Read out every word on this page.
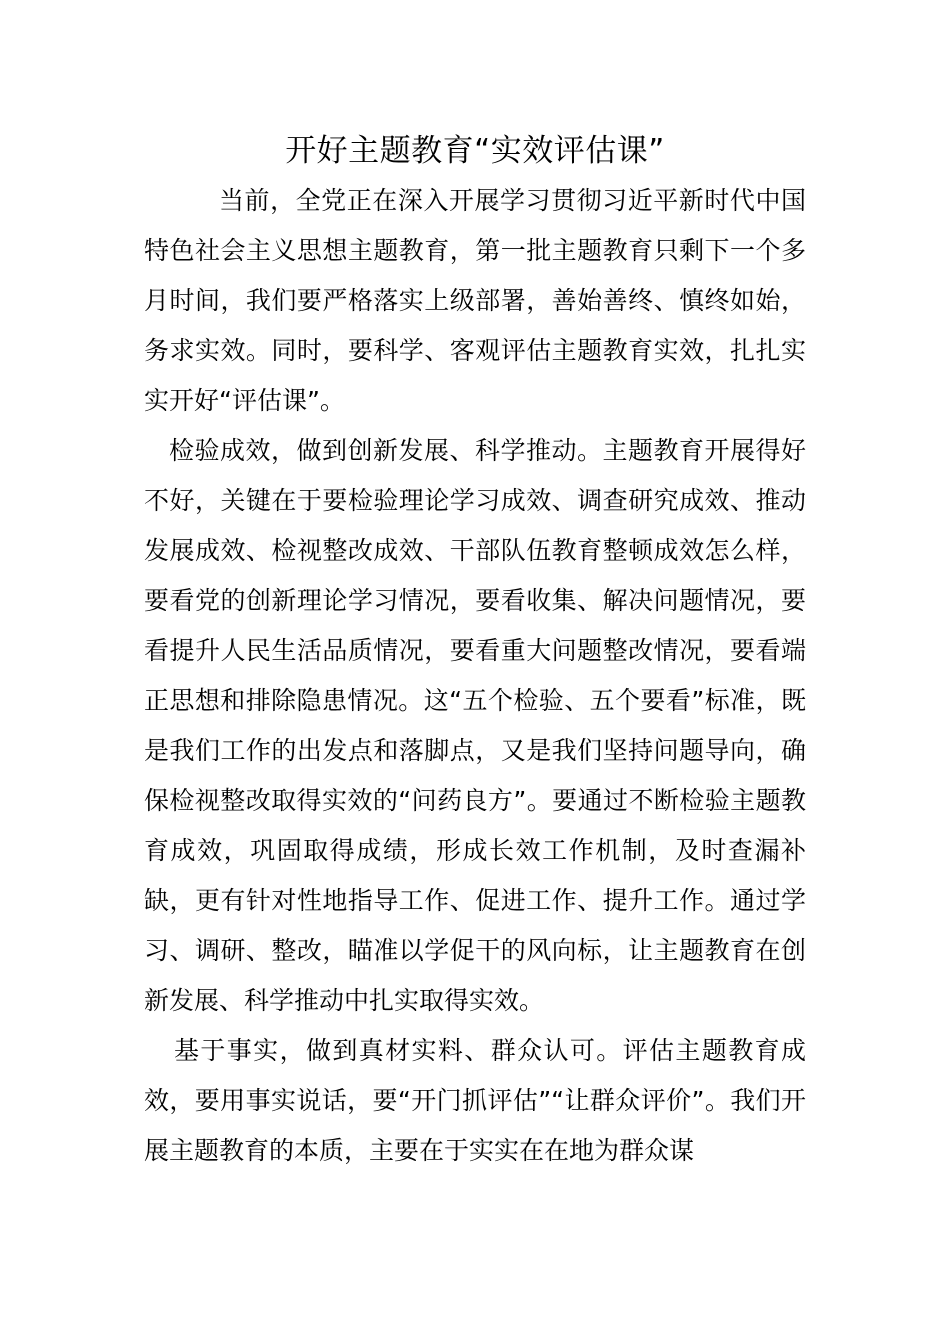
开好主题教育“实效评估课”

当前，全党正在深入开展学习贯彻习近平新时代中国特色社会主义思想主题教育，第一批主题教育只剩下一个多月时间，我们要严格落实上级部署，善始善终、慎终如始，务求实效。同时，要科学、客观评估主题教育实效，扎扎实实开好“评估课”。

检验成效，做到创新发展、科学推动。主题教育开展得好不好，关键在于要检验理论学习成效、调查研究成效、推动发展成效、检视整改成效、干部队伍教育整顿成效怎么样，要看党的创新理论学习情况，要看收集、解决问题情况，要看提升人民生活品质情况，要看重大问题整改情况，要看端正思想和排除隐患情况。这“五个检验、五个要看”标准，既是我们工作的出发点和落脚点，又是我们坚持问题导向，确保检视整改取得实效的“问药良方”。要通过不断检验主题教育成效，巩固取得成绩，形成长效工作机制，及时查漏补缺，更有针对性地指导工作、促进工作、提升工作。通过学习、调研、整改，瞄准以学促干的风向标，让主题教育在创新发展、科学推动中扎实取得实效。

基于事实，做到真材实料、群众认可。评估主题教育成效，要用事实说话，要“开门抓评估”“让群众评价”。我们开展主题教育的本质，主要在于实实在在地为群众谋
